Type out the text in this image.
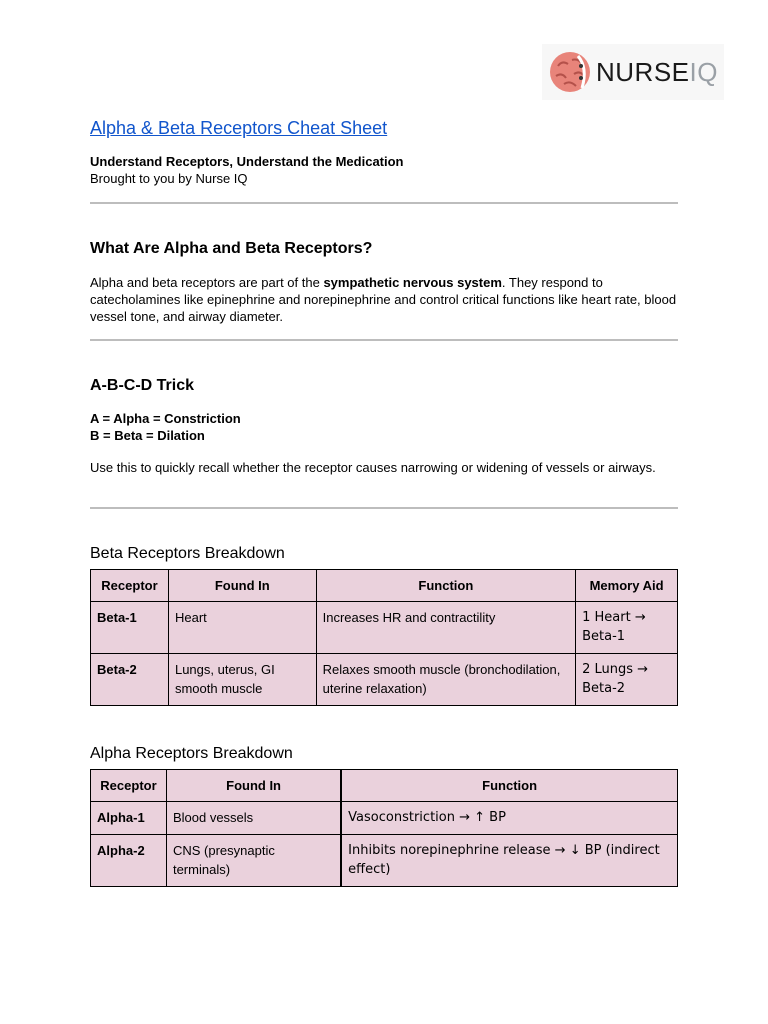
NURSEIQ
Alpha & Beta Receptors Cheat Sheet
Understand Receptors, Understand the Medication
Brought to you by Nurse IQ
What Are Alpha and Beta Receptors?

Alpha and beta receptors are part of the sympathetic nervous system. They respond to catecholamines like epinephrine and norepinephrine and control critical functions like heart rate, blood vessel tone, and airway diameter.

A-B-C-D Trick
A = Alpha = Constriction
B = Beta = Dilation

Use this to quickly recall whether the receptor causes narrowing or widening of vessels or airways.

Beta Receptors Breakdown
Receptor	Found In	Function	Memory Aid
Beta-1	Heart	Increases HR and contractility	1 Heart → Beta-1
Beta-2	Lungs, uterus, GI smooth muscle	Relaxes smooth muscle (bronchodilation, uterine relaxation)	2 Lungs → Beta-2
Alpha Receptors Breakdown
Receptor	Found In	Function
Alpha-1	Blood vessels	Vasoconstriction → ↑ BP
Alpha-2	CNS (presynaptic terminals)	Inhibits norepinephrine release → ↓ BP (indirect effect)
